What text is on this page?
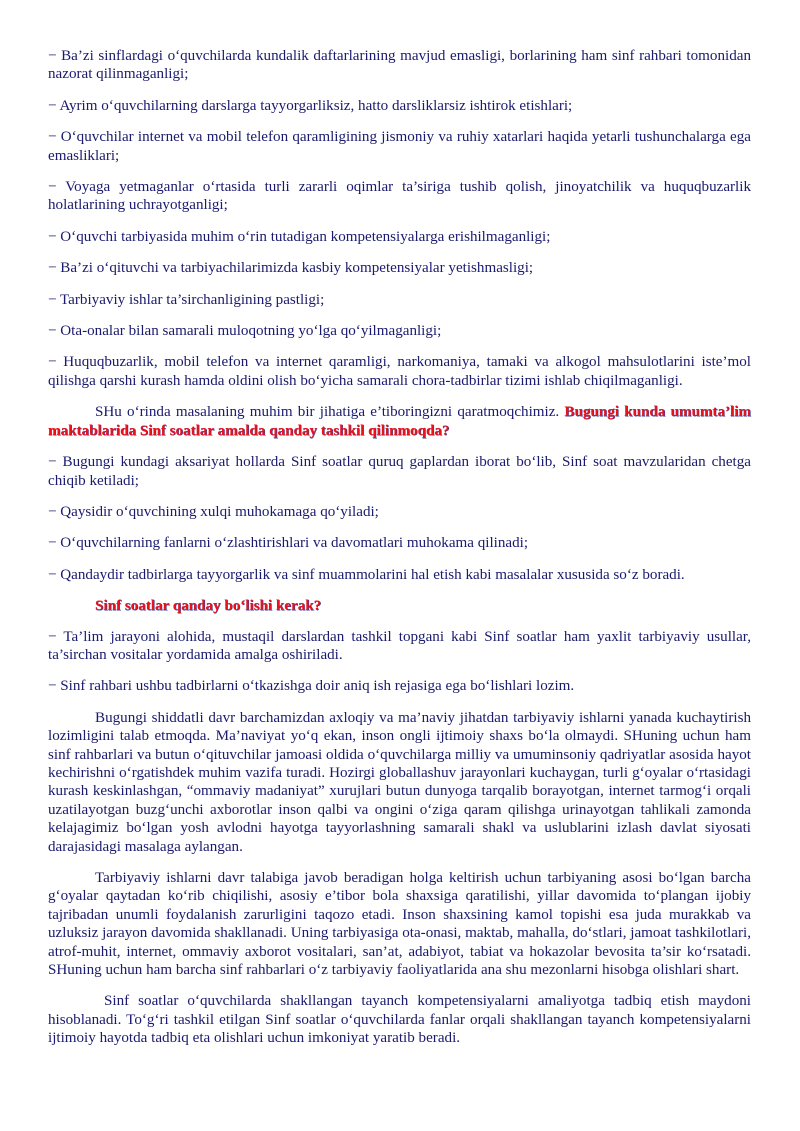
− Ba’zi sinflardagi o‘quvchilarda kundalik daftarlarining mavjud emasligi, borlarining ham sinf rahbari tomonidan nazorat qilinmaganligi;

− Ayrim o‘quvchilarning darslarga tayyorgarliksiz, hatto darsliklarsiz ishtirok etishlari;

− O‘quvchilar internet va mobil telefon qaramligining jismoniy va ruhiy xatarlari haqida yetarli tushunchalarga ega emasliklari;

− Voyaga yetmaganlar o‘rtasida turli zararli oqimlar ta’siriga tushib qolish, jinoyatchilik va huquqbuzarlik holatlarining uchrayotganligi;

− O‘quvchi tarbiyasida muhim o‘rin tutadigan kompetensiyalarga erishilmaganligi;

− Ba’zi o‘qituvchi va tarbiyachilarimizda kasbiy kompetensiyalar yetishmasligi;

− Tarbiyaviy ishlar ta’sirchanligining pastligi;

− Ota-onalar bilan samarali muloqotning yo‘lga qo‘yilmaganligi;

− Huquqbuzarlik, mobil telefon va internet qaramligi, narkomaniya, tamaki va alkogol mahsulotlarini iste’mol qilishga qarshi kurash hamda oldini olish bo‘yicha samarali chora-tadbirlar tizimi ishlab chiqilmaganligi.

SHu o‘rinda masalaning muhim bir jihatiga e’tiboringizni qaratmoqchimiz. Bugungi kunda umumta’lim maktablarida Sinf soatlar amalda qanday tashkil qilinmoqda?

− Bugungi kundagi aksariyat hollarda Sinf soatlar quruq gaplardan iborat bo‘lib, Sinf soat mavzularidan chetga chiqib ketiladi;

− Qaysidir o‘quvchining xulqi muhokamaga qo‘yiladi;

− O‘quvchilarning fanlarni o‘zlashtirishlari va davomatlari muhokama qilinadi;

− Qandaydir tadbirlarga tayyorgarlik va sinf muammolarini hal etish kabi masalalar xususida so‘z boradi.

Sinf soatlar qanday bo‘lishi kerak?

− Ta’lim jarayoni alohida, mustaqil darslardan tashkil topgani kabi Sinf soatlar ham yaxlit tarbiyaviy usullar, ta’sirchan vositalar yordamida amalga oshiriladi.

− Sinf rahbari ushbu tadbirlarni o‘tkazishga doir aniq ish rejasiga ega bo‘lishlari lozim.

Bugungi shiddatli davr barchamizdan axloqiy va ma’naviy jihatdan tarbiyaviy ishlarni yanada kuchaytirish lozimligini talab etmoqda. Ma’naviyat yo‘q ekan, inson ongli ijtimoiy shaxs bo‘la olmaydi. SHuning uchun ham sinf rahbarlari va butun o‘qituvchilar jamoasi oldida o‘quvchilarga milliy va umuminsoniy qadriyatlar asosida hayot kechirishni o‘rgatishdek muhim vazifa turadi. Hozirgi globallashuv jarayonlari kuchaygan, turli g‘oyalar o‘rtasidagi kurash keskinlashgan, “ommaviy madaniyat” xurujlari butun dunyoga tarqalib borayotgan, internet tarmog‘i orqali uzatilayotgan buzg‘unchi axborotlar inson qalbi va ongini o‘ziga qaram qilishga urinayotgan tahlikali zamonda kelajagimiz bo‘lgan yosh avlodni hayotga tayyorlashning samarali shakl va uslublarini izlash davlat siyosati darajasidagi masalaga aylangan.

Tarbiyaviy ishlarni davr talabiga javob beradigan holga keltirish uchun tarbiyaning asosi bo‘lgan barcha g‘oyalar qaytadan ko‘rib chiqilishi, asosiy e’tibor bola shaxsiga qaratilishi, yillar davomida to‘plangan ijobiy tajribadan unumli foydalanish zarurligini taqozo etadi. Inson shaxsining kamol topishi esa juda murakkab va uzluksiz jarayon davomida shakllanadi. Uning tarbiyasiga ota-onasi, maktab, mahalla, do‘stlari, jamoat tashkilotlari, atrof-muhit, internet, ommaviy axborot vositalari, san’at, adabiyot, tabiat va hokazolar bevosita ta’sir ko‘rsatadi. SHuning uchun ham barcha sinf rahbarlari o‘z tarbiyaviy faoliyatlarida ana shu mezonlarni hisobga olishlari shart.

Sinf soatlar o‘quvchilarda shakllangan tayanch kompetensiyalarni amaliyotga tadbiq etish maydoni hisoblanadi. To‘g‘ri tashkil etilgan Sinf soatlar o‘quvchilarda fanlar orqali shakllangan tayanch kompetensiyalarni ijtimoiy hayotda tadbiq eta olishlari uchun imkoniyat yaratib beradi.
